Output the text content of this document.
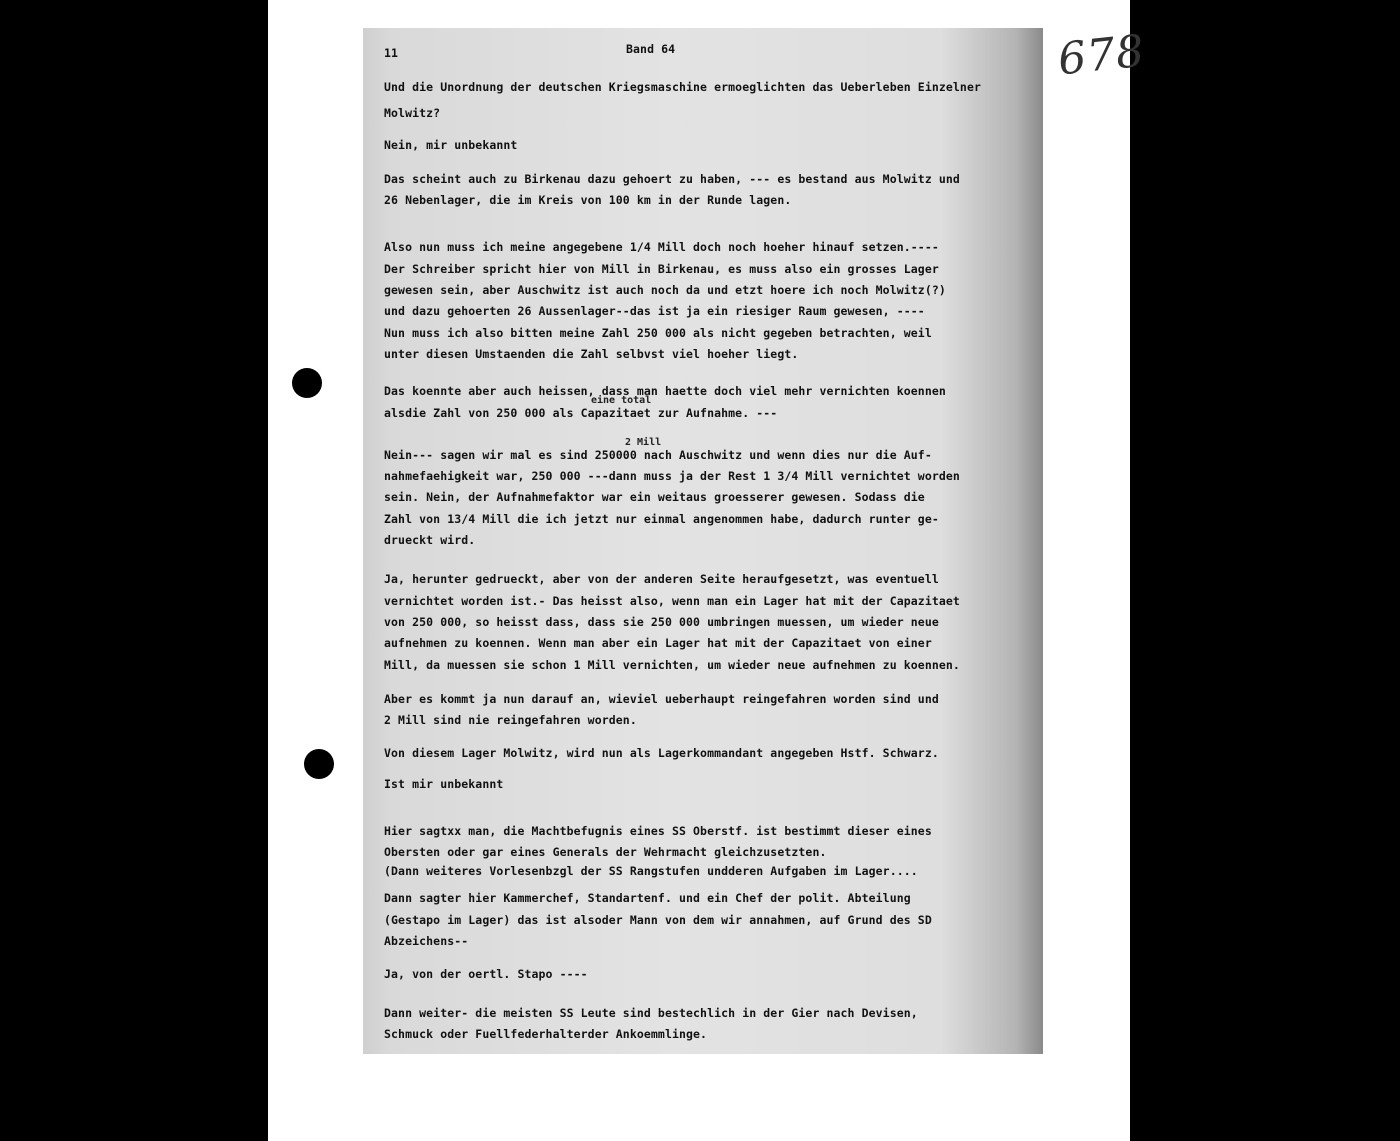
678
11	Band 64
Und die Unordnung der deutschen Kriegsmaschine ermoeglichten das Ueberleben Einzelner
Molwitz?
Nein, mir unbekannt
Das scheint auch zu Birkenau dazu gehoert zu haben, --- es bestand aus Molwitz und
26 Nebenlager, die im Kreis von 100 km in der Runde lagen.
Also nun muss ich meine angegebene 1/4 Mill doch noch hoeher hinauf setzen.----
Der Schreiber spricht hier von Mill in Birkenau, es muss also ein grosses Lager
gewesen sein, aber Auschwitz ist auch noch da und etzt hoere ich noch Molwitz(?)
und dazu gehoerten 26 Aussenlager--das ist ja ein riesiger Raum gewesen, ----
Nun muss ich also bitten meine Zahl 250 000 als nicht gegeben betrachten, weil
unter diesen Umstaenden die Zahl selbvst viel hoeher liegt.
Das koennte aber auch heissen, dass man haette doch viel mehr vernichten koennen
eine total
alsdie Zahl von 250 000 als Capazitaet zur Aufnahme. ---
2 Mill
Nein--- sagen wir mal es sind 250000 nach Auschwitz und wenn dies nur die Auf-
nahmefaehigkeit war, 250 000 ---dann muss ja der Rest 1 3/4 Mill vernichtet worden
sein. Nein, der Aufnahmefaktor war ein weitaus groesserer gewesen. Sodass die
Zahl von 13/4 Mill die ich jetzt nur einmal angenommen habe, dadurch runter ge-
drueckt wird.
Ja, herunter gedrueckt, aber von der anderen Seite heraufgesetzt, was eventuell
vernichtet worden ist.- Das heisst also, wenn man ein Lager hat mit der Capazitaet
von 250 000, so heisst dass, dass sie 250 000 umbringen muessen, um wieder neue
aufnehmen zu koennen. Wenn man aber ein Lager hat mit der Capazitaet von einer
Mill, da muessen sie schon 1 Mill vernichten, um wieder neue aufnehmen zu koennen.
Aber es kommt ja nun darauf an, wieviel ueberhaupt reingefahren worden sind und
2 Mill sind nie reingefahren worden.
Von diesem Lager Molwitz, wird nun als Lagerkommandant angegeben Hstf. Schwarz.
Ist mir unbekannt
Hier sagtxx man, die Machtbefugnis eines SS Oberstf. ist bestimmt dieser eines
Obersten oder gar eines Generals der Wehrmacht gleichzusetzten.
(Dann weiteres Vorlesenbzgl der SS Rangstufen undderen Aufgaben im Lager....
Dann sagter hier Kammerchef, Standartenf. und ein Chef der polit. Abteilung
(Gestapo im Lager) das ist alsoder Mann von dem wir annahmen, auf Grund des SD
Abzeichens--
Ja, von der oertl. Stapo ----
Dann weiter- die meisten SS Leute sind bestechlich in der Gier nach Devisen,
Schmuck oder Fuellfederhalterder Ankoemmlinge.
